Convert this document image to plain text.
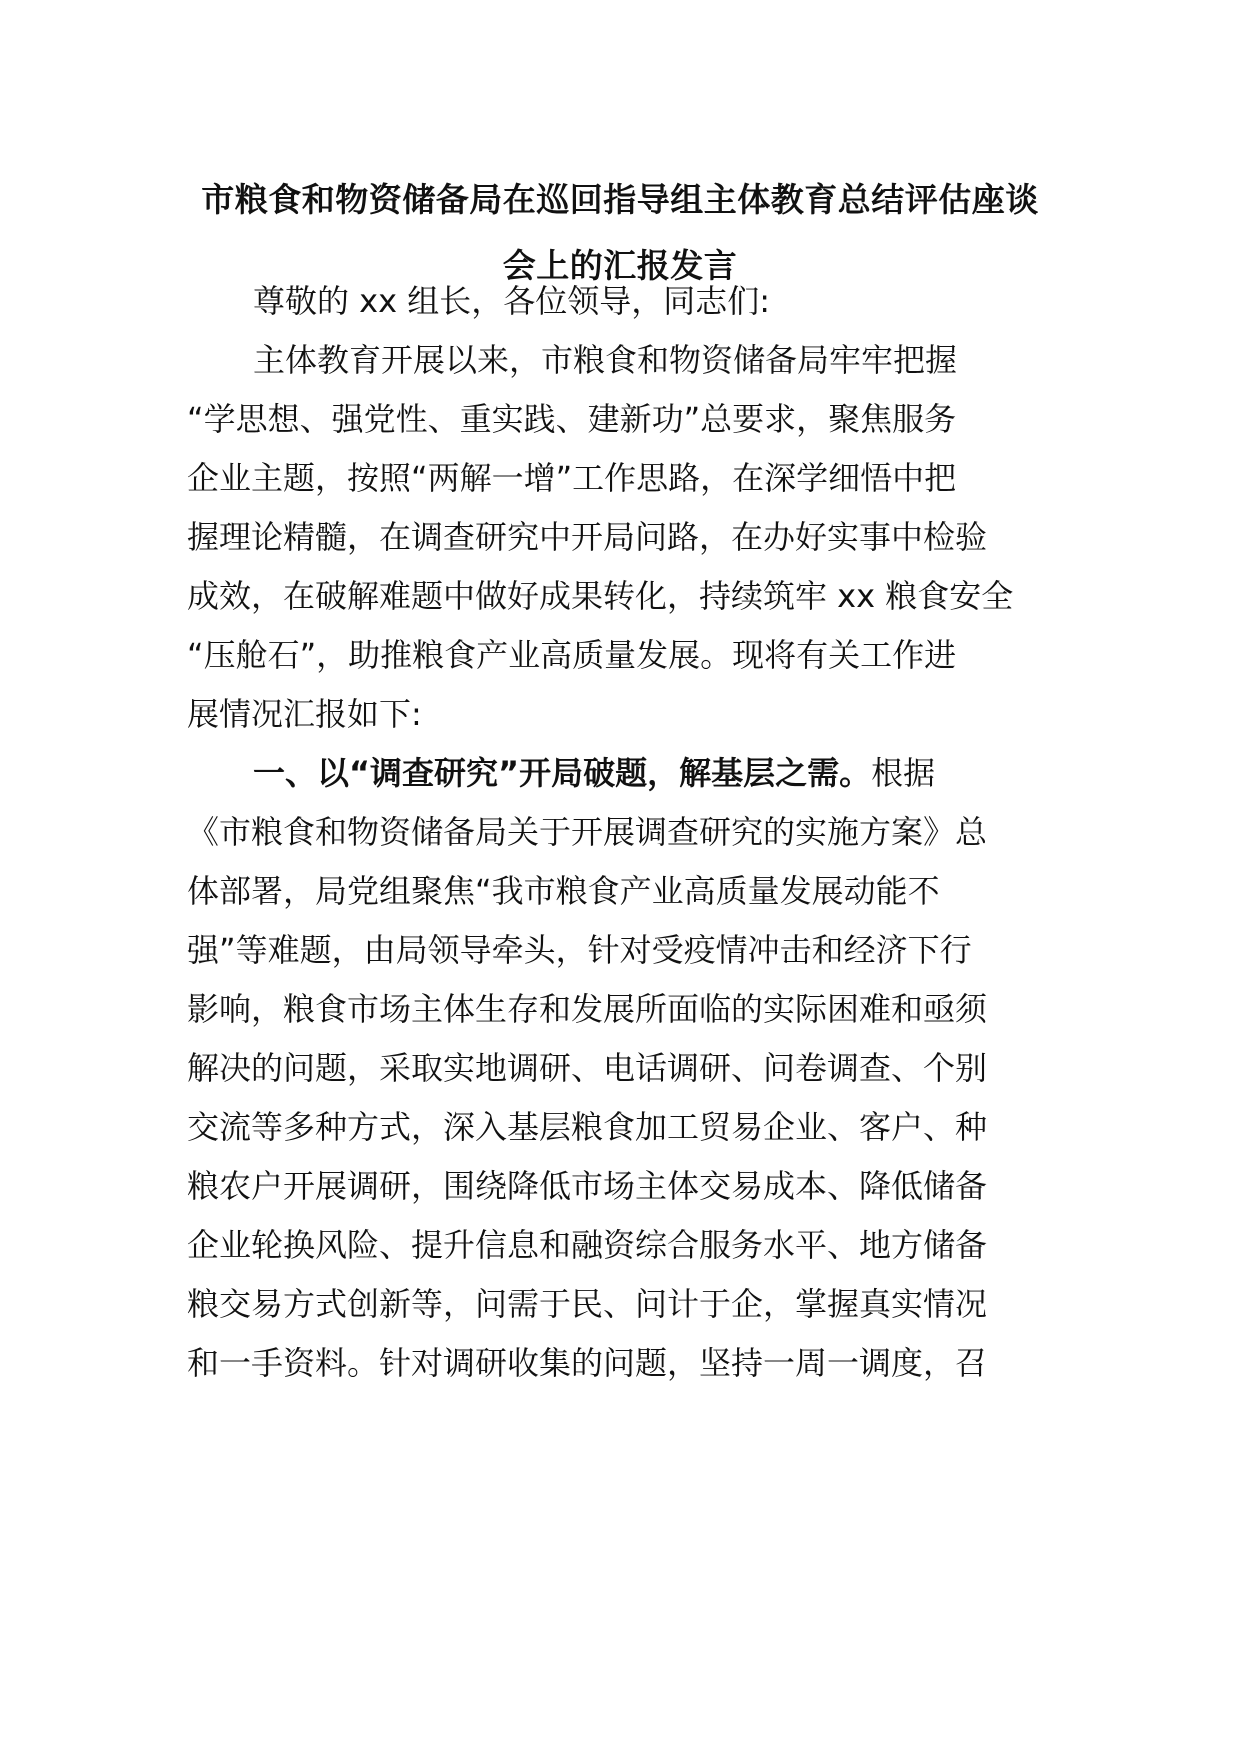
市粮食和物资储备局在巡回指导组主体教育总结评估座谈
会上的汇报发言
尊敬的 xx 组长，各位领导，同志们:
主体教育开展以来，市粮食和物资储备局牢牢把握
“学思想、强党性、重实践、建新功”总要求，聚焦服务
企业主题，按照“两解一增”工作思路，在深学细悟中把
握理论精髓，在调查研究中开局问路，在办好实事中检验
成效，在破解难题中做好成果转化，持续筑牢 xx 粮食安全
“压舱石”，助推粮食产业高质量发展。现将有关工作进
展情况汇报如下:
一、以“调查研究”开局破题，解基层之需。根据
《市粮食和物资储备局关于开展调查研究的实施方案》总
体部署，局党组聚焦“我市粮食产业高质量发展动能不
强”等难题，由局领导牵头，针对受疫情冲击和经济下行
影响，粮食市场主体生存和发展所面临的实际困难和亟须
解决的问题，采取实地调研、电话调研、问卷调查、个别
交流等多种方式，深入基层粮食加工贸易企业、客户、种
粮农户开展调研，围绕降低市场主体交易成本、降低储备
企业轮换风险、提升信息和融资综合服务水平、地方储备
粮交易方式创新等，问需于民、问计于企，掌握真实情况
和一手资料。针对调研收集的问题，坚持一周一调度，召
